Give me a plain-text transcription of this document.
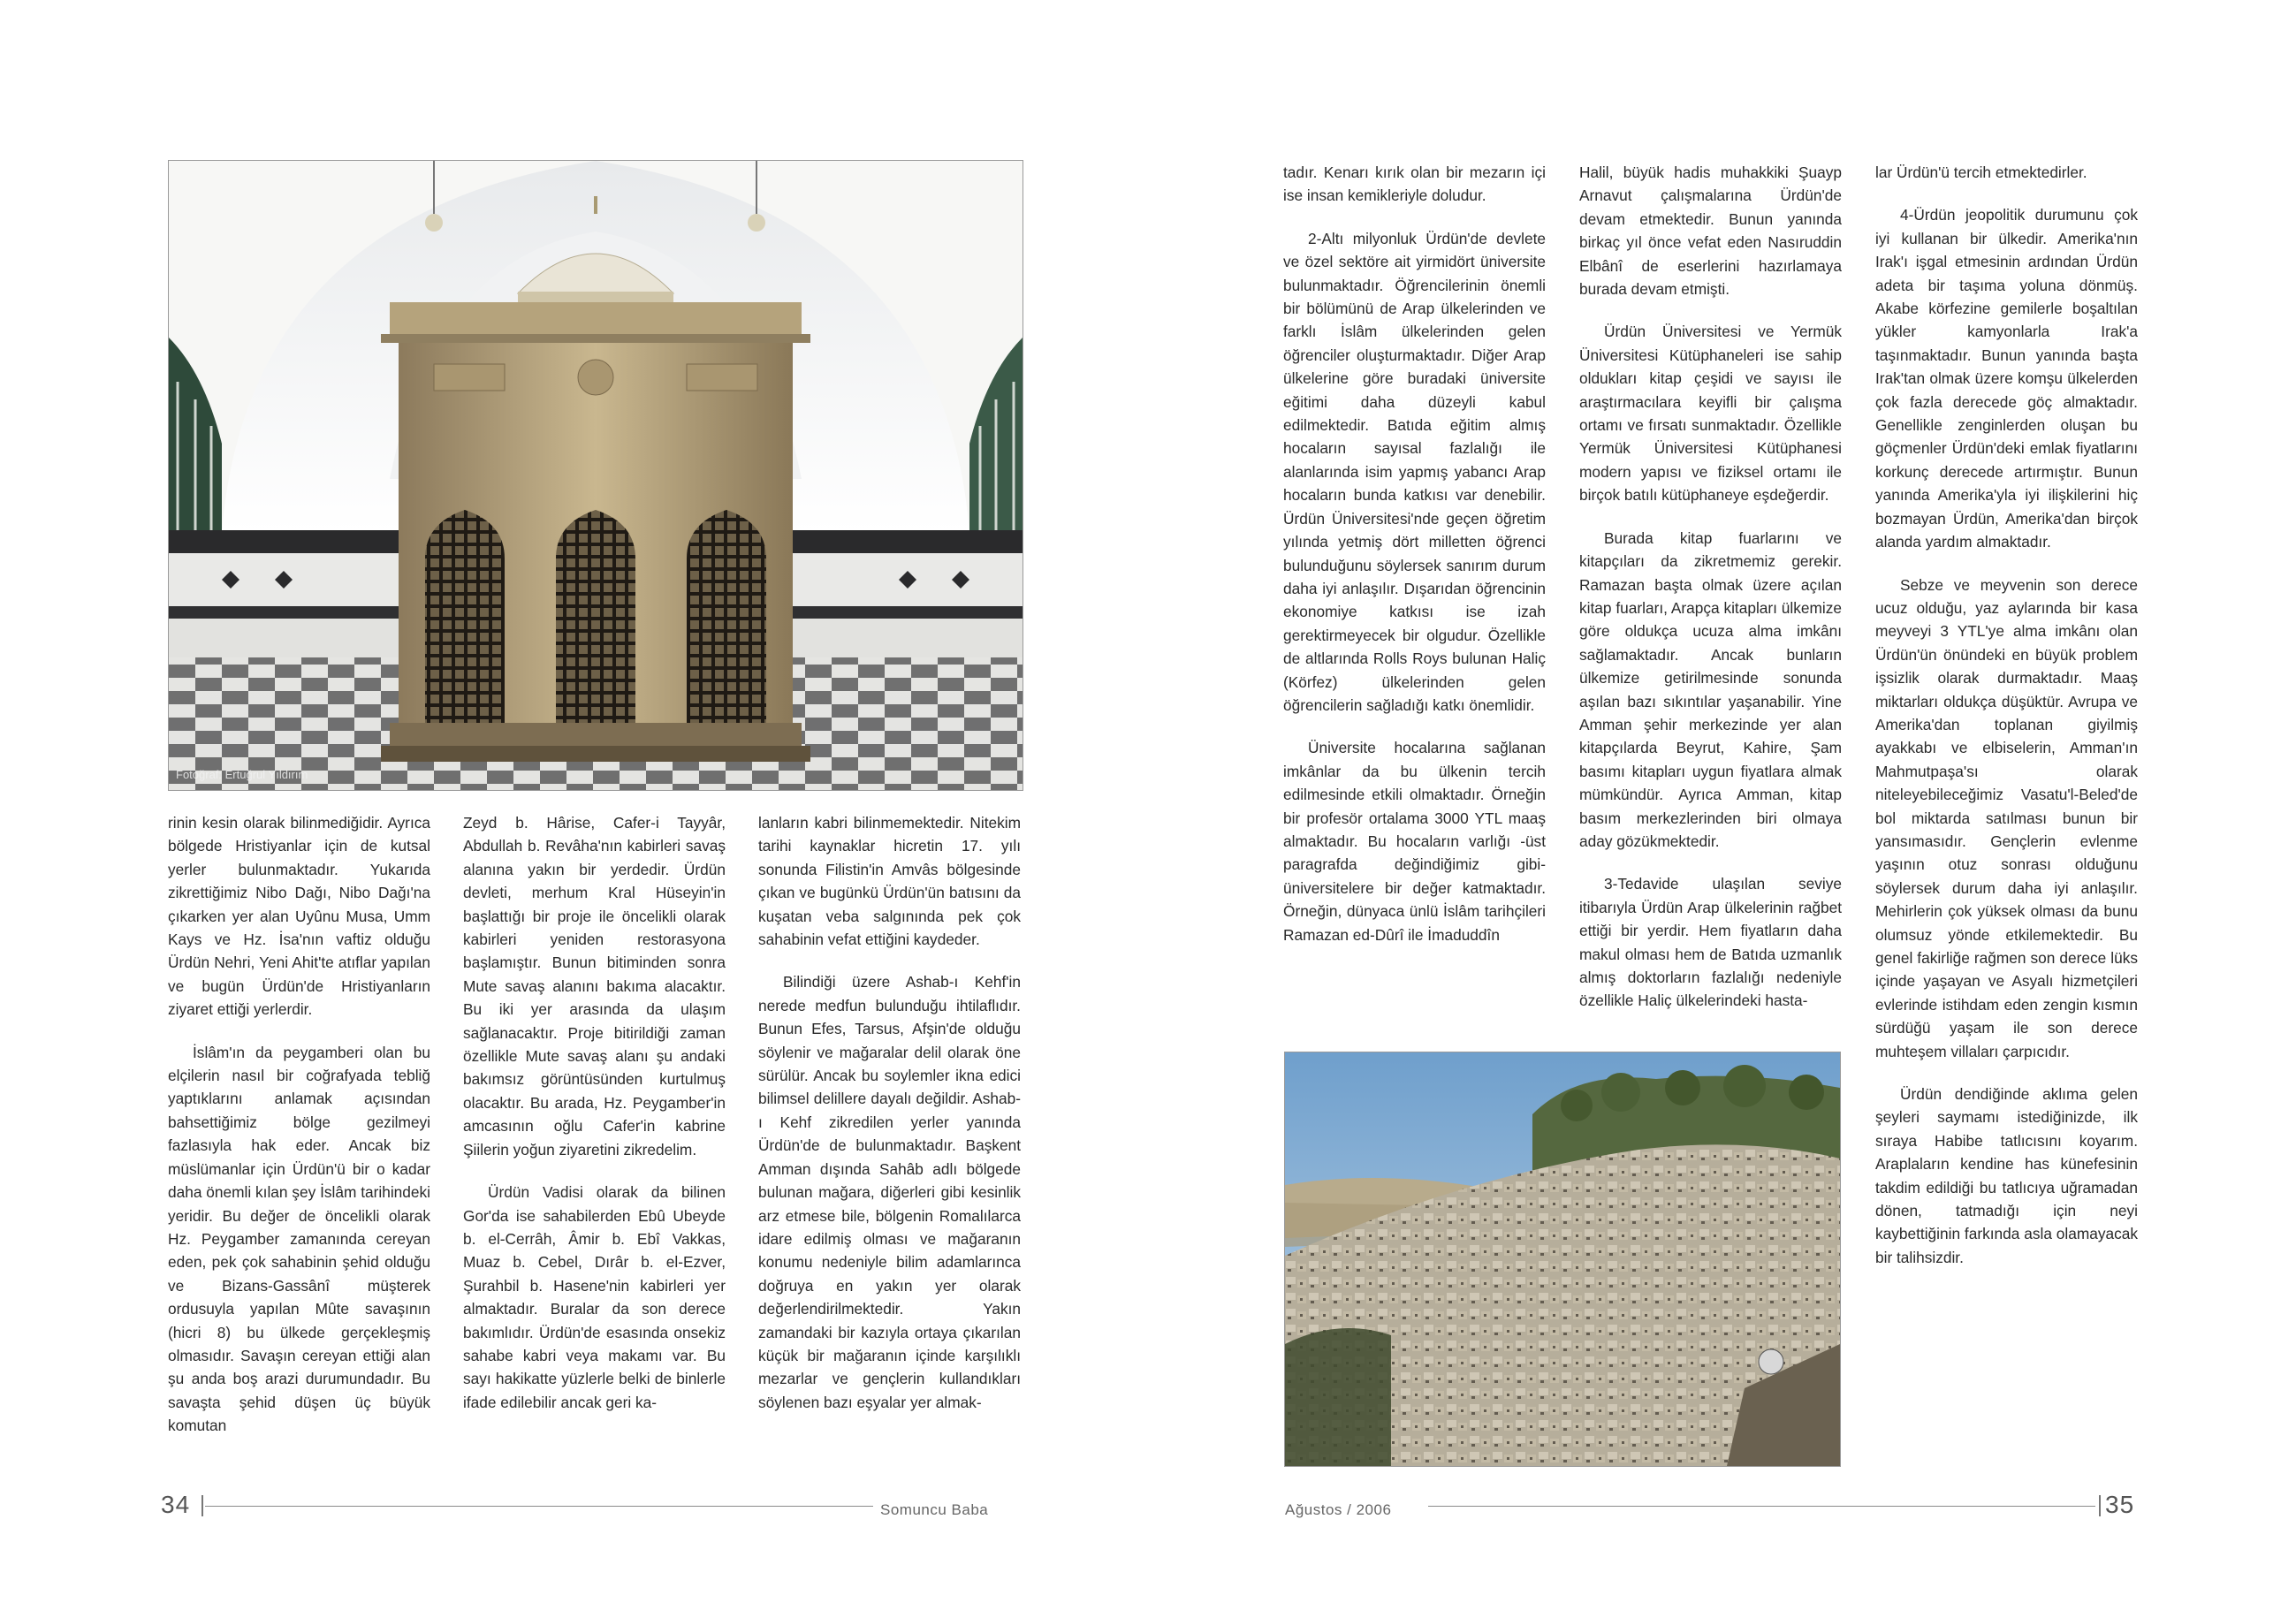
Fotoğraf: Ertuğrul Yıldırım

rinin kesin olarak bilinmediğidir. Ayrıca bölgede Hristiyanlar için de kutsal yerler bulunmaktadır. Yukarıda zikrettiğimiz Nibo Dağı, Nibo Dağı'na çıkarken yer alan Uyûnu Musa, Umm Kays ve Hz. İsa'nın vaftiz olduğu Ürdün Nehri, Yeni Ahit'te atıflar yapılan ve bugün Ürdün'de Hristiyanların ziyaret ettiği yerlerdir.

İslâm'ın da peygamberi olan bu elçilerin nasıl bir coğrafyada tebliğ yaptıklarını anlamak açısından bahsettiğimiz bölge gezilmeyi fazlasıyla hak eder. Ancak biz müslümanlar için Ürdün'ü bir o kadar daha önemli kılan şey İslâm tarihindeki yeridir. Bu değer de öncelikli olarak Hz. Peygamber zamanında cereyan eden, pek çok sahabinin şehid olduğu ve Bizans-Gassânî müşterek ordusuyla yapılan Mûte savaşının (hicri 8) bu ülkede gerçekleşmiş olmasıdır. Savaşın cereyan ettiği alan şu anda boş arazi durumundadır. Bu savaşta şehid düşen üç büyük komutan

Zeyd b. Hârise, Cafer-i Tayyâr, Abdullah b. Revâha'nın kabirleri savaş alanına yakın bir yerdedir. Ürdün devleti, merhum Kral Hüseyin'in başlattığı bir proje ile öncelikli olarak kabirleri yeniden restorasyona başlamıştır. Bunun bitiminden sonra Mute savaş alanını bakıma alacaktır. Bu iki yer arasında da ulaşım sağlanacaktır. Proje bitirildiği zaman özellikle Mute savaş alanı şu andaki bakımsız görüntüsünden kurtulmuş olacaktır. Bu arada, Hz. Peygamber'in amcasının oğlu Cafer'in kabrine Şiilerin yoğun ziyaretini zikredelim.

Ürdün Vadisi olarak da bilinen Gor'da ise sahabilerden Ebû Ubeyde b. el-Cerrâh, Âmir b. Ebî Vakkas, Muaz b. Cebel, Dırâr b. el-Ezver, Şurahbil b. Hasene'nin kabirleri yer almaktadır. Buralar da son derece bakımlıdır. Ürdün'de esasında onsekiz sahabe kabri veya makamı var. Bu sayı hakikatte yüzlerle belki de binlerle ifade edilebilir ancak geri ka-

lanların kabri bilinmemektedir. Nitekim tarihi kaynaklar hicretin 17. yılı sonunda Filistin'in Amvâs bölgesinde çıkan ve bugünkü Ürdün'ün batısını da kuşatan veba salgınında pek çok sahabinin vefat ettiğini kaydeder.

Bilindiği üzere Ashab-ı Kehf'in nerede medfun bulunduğu ihtilaflıdır. Bunun Efes, Tarsus, Afşin'de olduğu söylenir ve mağaralar delil olarak öne sürülür. Ancak bu soylemler ikna edici bilimsel delillere dayalı değildir. Ashab-ı Kehf zikredilen yerler yanında Ürdün'de de bulunmaktadır. Başkent Amman dışında Sahâb adlı bölgede bulunan mağara, diğerleri gibi kesinlik arz etmese bile, bölgenin Romalılarca idare edilmiş olması ve mağaranın konumu nedeniyle bilim adamlarınca doğruya en yakın yer olarak değerlendirilmektedir. Yakın zamandaki bir kazıyla ortaya çıkarılan küçük bir mağaranın içinde karşılıklı mezarlar ve gençlerin kullandıkları söylenen bazı eşyalar yer almak-

34	Somuncu Baba

tadır. Kenarı kırık olan bir mezarın içi ise insan kemikleriyle doludur.

2-Altı milyonluk Ürdün'de devlete ve özel sektöre ait yirmidört üniversite bulunmaktadır. Öğrencilerinin önemli bir bölümünü de Arap ülkelerinden ve farklı İslâm ülkelerinden gelen öğrenciler oluşturmaktadır. Diğer Arap ülkelerine göre buradaki üniversite eğitimi daha düzeyli kabul edilmektedir. Batıda eğitim almış hocaların sayısal fazlalığı ile alanlarında isim yapmış yabancı Arap hocaların bunda katkısı var denebilir. Ürdün Üniversitesi'nde geçen öğretim yılında yetmiş dört milletten öğrenci bulunduğunu söylersek sanırım durum daha iyi anlaşılır. Dışarıdan öğrencinin ekonomiye katkısı ise izah gerektirmeyecek bir olgudur. Özellikle de altlarında Rolls Roys bulunan Haliç (Körfez) ülkelerinden gelen öğrencilerin sağladığı katkı önemlidir.

Üniversite hocalarına sağlanan imkânlar da bu ülkenin tercih edilmesinde etkili olmaktadır. Örneğin bir profesör ortalama 3000 YTL maaş almaktadır. Bu hocaların varlığı -üst paragrafda değindiğimiz gibi- üniversitelere bir değer katmaktadır. Örneğin, dünyaca ünlü İslâm tarihçileri Ramazan ed-Dûrî ile İmaduddîn

Halil, büyük hadis muhakkiki Şuayp Arnavut çalışmalarına Ürdün'de devam etmektedir. Bunun yanında birkaç yıl önce vefat eden Nasıruddin Elbânî de eserlerini hazırlamaya burada devam etmişti.

Ürdün Üniversitesi ve Yermük Üniversitesi Kütüphaneleri ise sahip oldukları kitap çeşidi ve sayısı ile araştırmacılara keyifli bir çalışma ortamı ve fırsatı sunmaktadır. Özellikle Yermük Üniversitesi Kütüphanesi modern yapısı ve fiziksel ortamı ile birçok batılı kütüphaneye eşdeğerdir.

Burada kitap fuarlarını ve kitapçıları da zikretmemiz gerekir. Ramazan başta olmak üzere açılan kitap fuarları, Arapça kitapları ülkemize göre oldukça ucuza alma imkânı sağlamaktadır. Ancak bunların ülkemize getirilmesinde sonunda aşılan bazı sıkıntılar yaşanabilir. Yine Amman şehir merkezinde yer alan kitapçılarda Beyrut, Kahire, Şam basımı kitapları uygun fiyatlara almak mümkündür. Ayrıca Amman, kitap basım merkezlerinden biri olmaya aday gözükmektedir.

3-Tedavide ulaşılan seviye itibarıyla Ürdün Arap ülkelerinin rağbet ettiği bir yerdir. Hem fiyatların daha makul olması hem de Batıda uzmanlık almış doktorların fazlalığı nedeniyle özellikle Haliç ülkelerindeki hasta-

lar Ürdün'ü tercih etmektedirler.

4-Ürdün jeopolitik durumunu çok iyi kullanan bir ülkedir. Amerika'nın Irak'ı işgal etmesinin ardından Ürdün adeta bir taşıma yoluna dönmüş. Akabe körfezine gemilerle boşaltılan yükler kamyonlarla Irak'a taşınmaktadır. Bunun yanında başta Irak'tan olmak üzere komşu ülkelerden çok fazla derecede göç almaktadır. Genellikle zenginlerden oluşan bu göçmenler Ürdün'deki emlak fiyatlarını korkunç derecede artırmıştır. Bunun yanında Amerika'yla iyi ilişkilerini hiç bozmayan Ürdün, Amerika'dan birçok alanda yardım almaktadır.

Sebze ve meyvenin son derece ucuz olduğu, yaz aylarında bir kasa meyveyi 3 YTL'ye alma imkânı olan Ürdün'ün önündeki en büyük problem işsizlik olarak durmaktadır. Maaş miktarları oldukça düşüktür. Avrupa ve Amerika'dan toplanan giyilmiş ayakkabı ve elbiselerin, Amman'ın Mahmutpaşa'sı olarak niteleyebileceğimiz Vasatu'l-Beled'de bol miktarda satılması bunun bir yansımasıdır. Gençlerin evlenme yaşının otuz sonrası olduğunu söylersek durum daha iyi anlaşılır. Mehirlerin çok yüksek olması da bunu olumsuz yönde etkilemektedir. Bu genel fakirliğe rağmen son derece lüks içinde yaşayan ve Asyalı hizmetçileri evlerinde istihdam eden zengin kısmın sürdüğü yaşam ile son derece muhteşem villaları çarpıcıdır.

Ürdün dendiğinde aklıma gelen şeyleri saymamı istediğinizde, ilk sıraya Habibe tatlıcısını koyarım. Araplaların kendine has künefesinin takdim edildiği bu tatlıcıya uğramadan dönen, tatmadığı için neyi kaybettiğinin farkında asla olamayacak bir talihsizdir.

Ağustos / 2006	35
